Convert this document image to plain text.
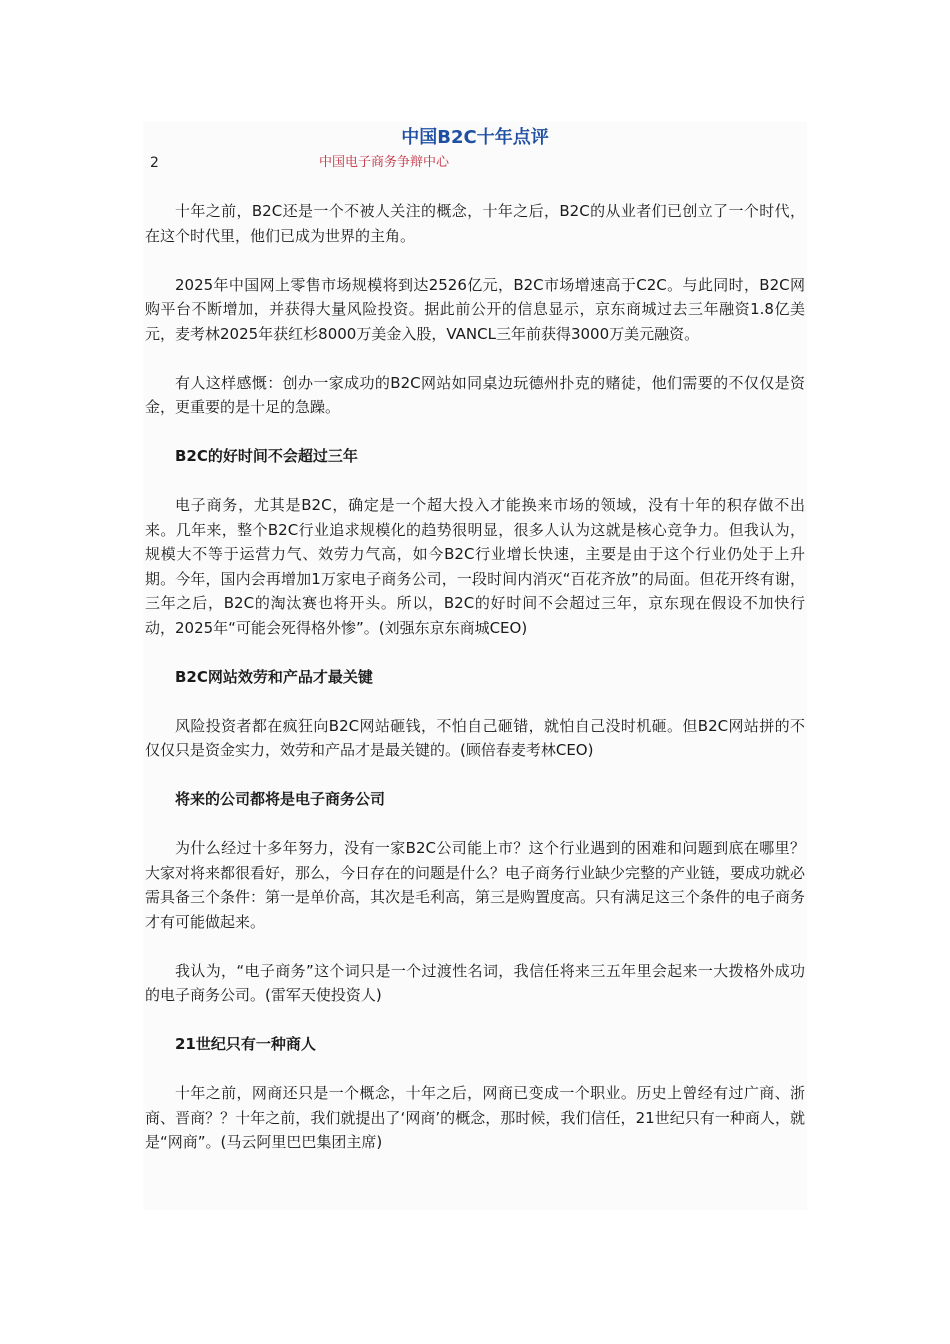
中国B2C十年点评
2	中国电子商务争辩中心

十年之前，B2C还是一个不被人关注的概念，十年之后，B2C的从业者们已创立了一个时代，在这个时代里，他们已成为世界的主角。

2025年中国网上零售市场规模将到达2526亿元，B2C市场增速高于C2C。与此同时，B2C网购平台不断增加，并获得大量风险投资。据此前公开的信息显示，京东商城过去三年融资1.8亿美元，麦考林2025年获红杉8000万美金入股，VANCL三年前获得3000万美元融资。

有人这样感慨：创办一家成功的B2C网站如同桌边玩德州扑克的赌徒，他们需要的不仅仅是资金，更重要的是十足的急躁。

B2C的好时间不会超过三年

电子商务，尤其是B2C，确定是一个超大投入才能换来市场的领域，没有十年的积存做不出来。几年来，整个B2C行业追求规模化的趋势很明显，很多人认为这就是核心竞争力。但我认为，规模大不等于运营力气、效劳力气高，如今B2C行业增长快速，主要是由于这个行业仍处于上升期。今年，国内会再增加1万家电子商务公司，一段时间内消灭“百花齐放”的局面。但花开终有谢，三年之后，B2C的淘汰赛也将开头。所以，B2C的好时间不会超过三年，京东现在假设不加快行动，2025年“可能会死得格外惨”。(刘强东京东商城CEO)

B2C网站效劳和产品才最关键

风险投资者都在疯狂向B2C网站砸钱，不怕自己砸错，就怕自己没时机砸。但B2C网站拼的不仅仅只是资金实力，效劳和产品才是最关键的。(顾倍春麦考林CEO)

将来的公司都将是电子商务公司

为什么经过十多年努力，没有一家B2C公司能上市？这个行业遇到的困难和问题到底在哪里？大家对将来都很看好，那么，今日存在的问题是什么？电子商务行业缺少完整的产业链，要成功就必需具备三个条件：第一是单价高，其次是毛利高，第三是购置度高。只有满足这三个条件的电子商务才有可能做起来。

我认为，“电子商务”这个词只是一个过渡性名词，我信任将来三五年里会起来一大拨格外成功的电子商务公司。(雷军天使投资人)

21世纪只有一种商人

十年之前，网商还只是一个概念，十年之后，网商已变成一个职业。历史上曾经有过广商、浙商、晋商？？十年之前，我们就提出了‘网商’的概念，那时候，我们信任，21世纪只有一种商人，就是“网商”。(马云阿里巴巴集团主席)
